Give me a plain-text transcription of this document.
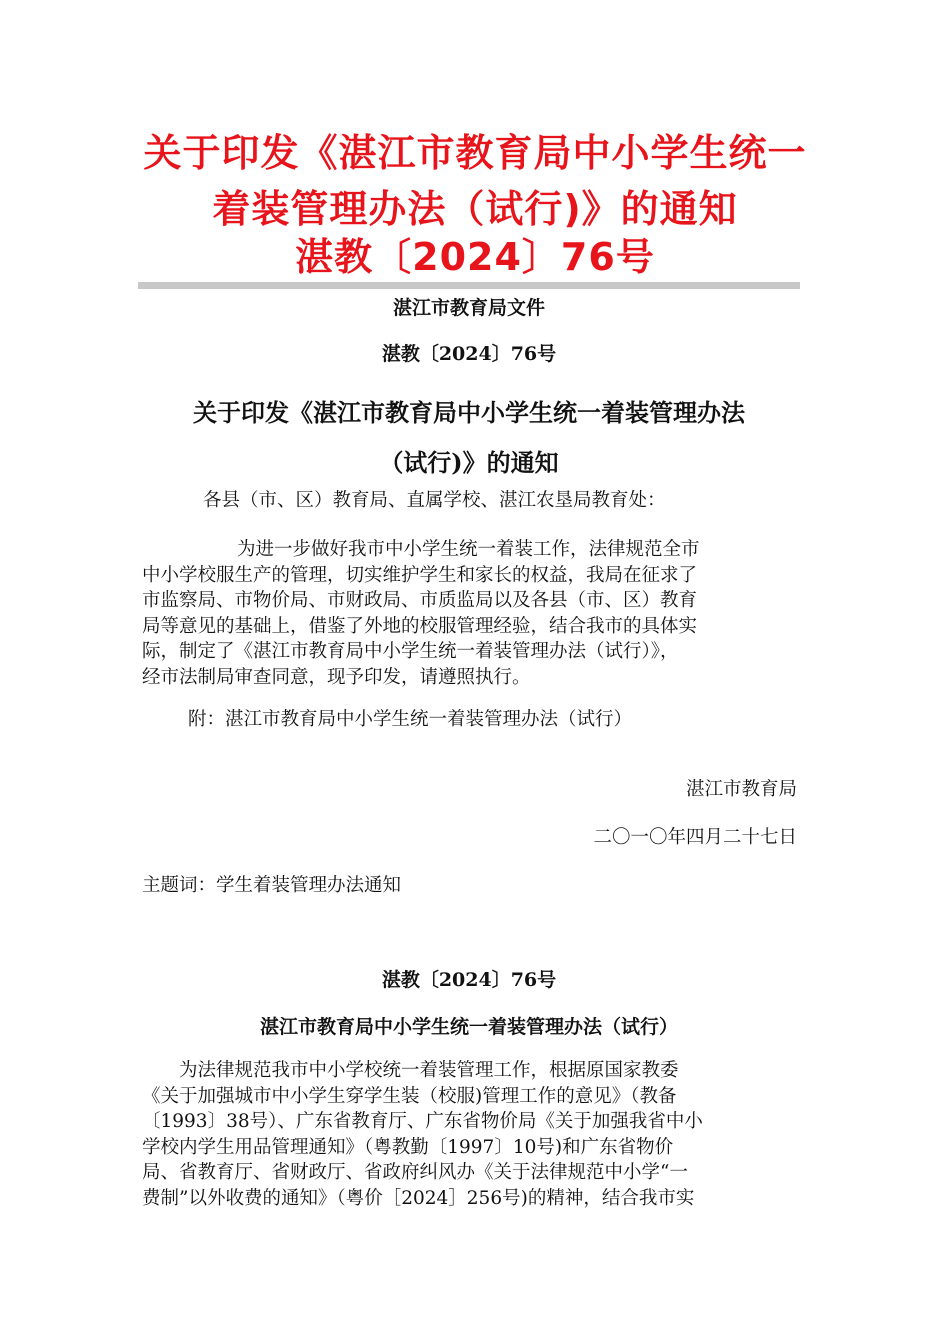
关于印发《湛江市教育局中小学生统一
着装管理办法（试行)》的通知
湛教〔2024〕76号
湛江市教育局文件
湛教〔2024〕76号
关于印发《湛江市教育局中小学生统一着装管理办法
（试行)》的通知
各县（市、区）教育局、直属学校、湛江农垦局教育处：
为进一步做好我市中小学生统一着装工作，法律规范全市
中小学校服生产的管理，切实维护学生和家长的权益，我局在征求了
市监察局、市物价局、市财政局、市质监局以及各县（市、区）教育
局等意见的基础上，借鉴了外地的校服管理经验，结合我市的具体实
际，制定了《湛江市教育局中小学生统一着装管理办法（试行）》，
经市法制局审查同意，现予印发，请遵照执行。
附：湛江市教育局中小学生统一着装管理办法（试行）
湛江市教育局
二〇一〇年四月二十七日
主题词：学生着装管理办法通知
湛教〔2024〕76号
湛江市教育局中小学生统一着装管理办法（试行）
为法律规范我市中小学校统一着装管理工作，根据原国家教委
《关于加强城市中小学生穿学生装（校服)管理工作的意见》（教备
〔1993〕38号）、广东省教育厅、广东省物价局《关于加强我省中小
学校内学生用品管理通知》（粤教勤〔1997〕10号)和广东省物价
局、省教育厅、省财政厅、省政府纠风办《关于法律规范中小学“一
费制”以外收费的通知》（粤价［2024］256号)的精神，结合我市实
